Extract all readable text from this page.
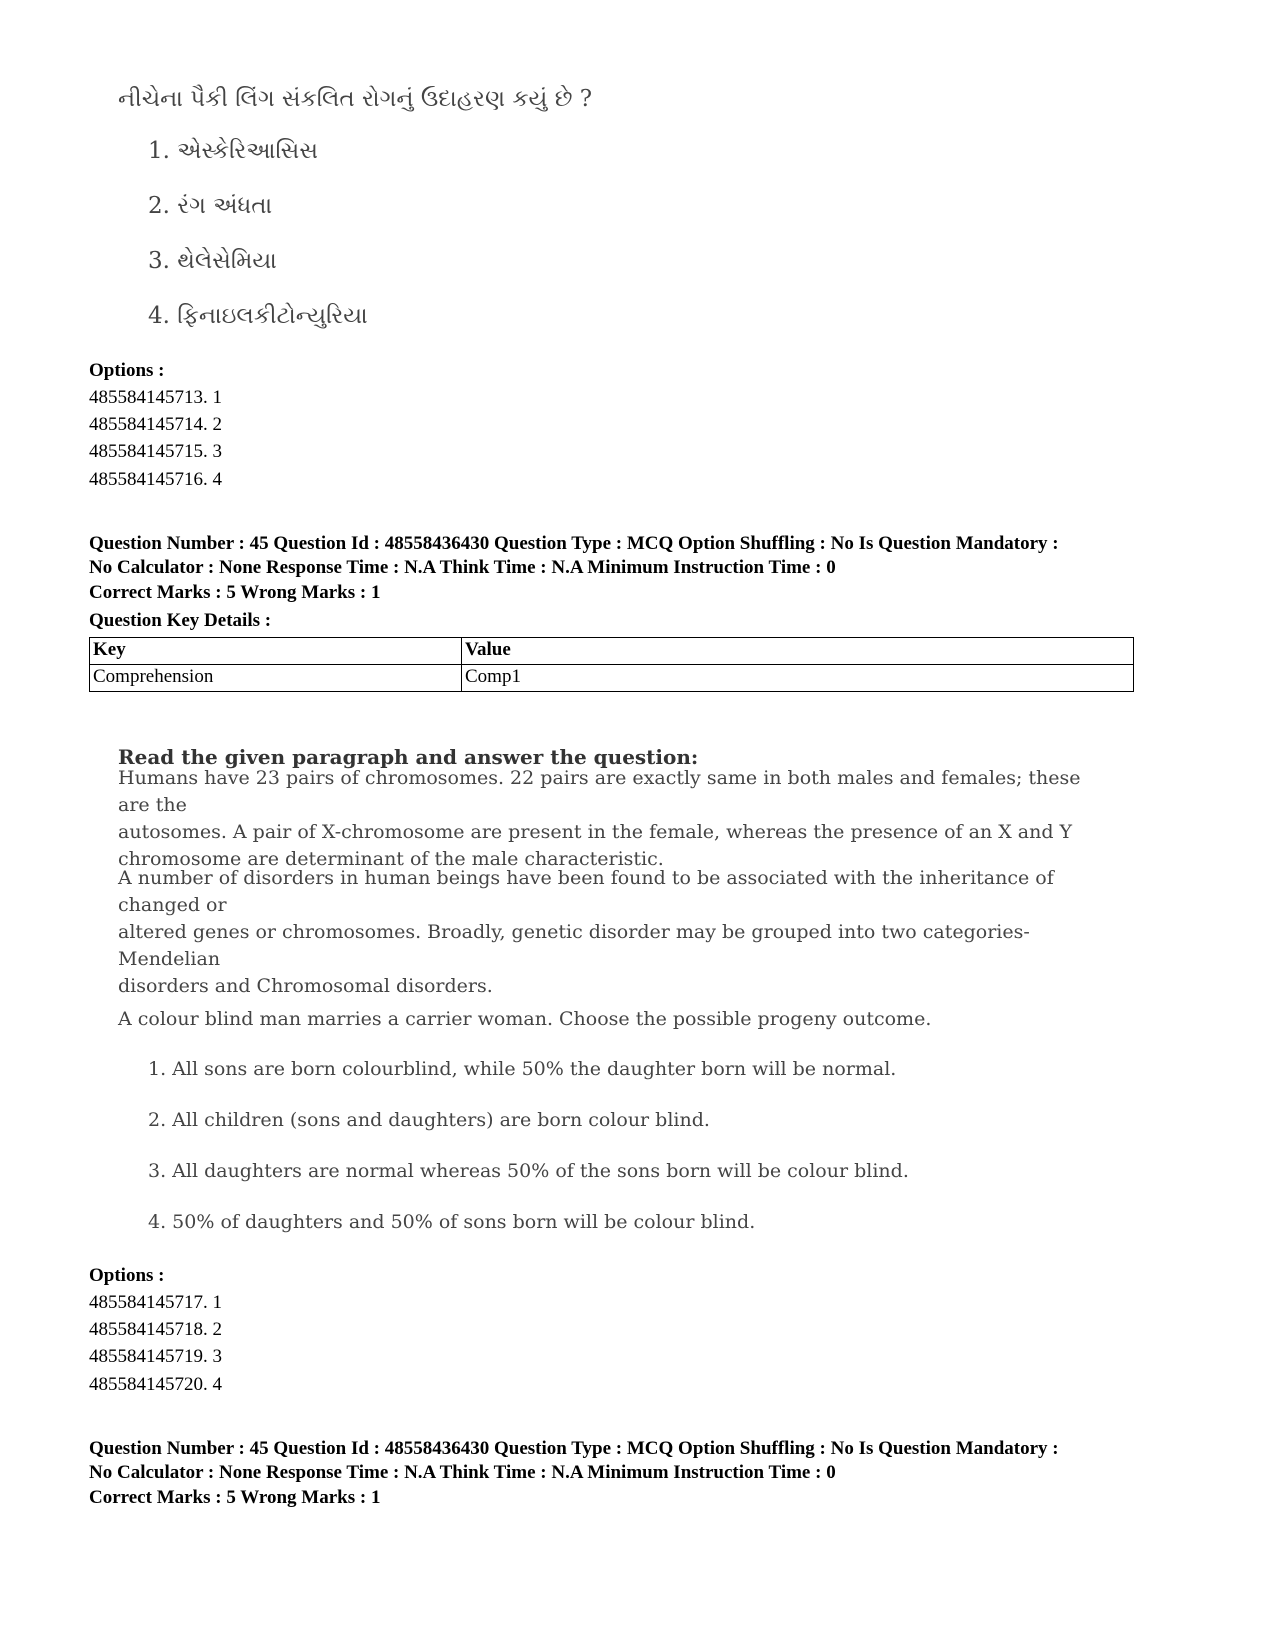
નીચેના પૈકી લિંગ સંકલિત રોગનું ઉદાહરણ કયું છે ?
1. એસ્કેરિઆસિસ
2. રંગ અંધતા
3. થેલેસેમિયા
4. ફિનાઇલકીટોન્યુરિયા
Options :
485584145713. 1
485584145714. 2
485584145715. 3
485584145716. 4
Question Number : 45 Question Id : 48558436430 Question Type : MCQ Option Shuffling : No Is Question Mandatory :
No Calculator : None Response Time : N.A Think Time : N.A Minimum Instruction Time : 0
Correct Marks : 5 Wrong Marks : 1
Question Key Details :
Key	Value
Comprehension	Comp1
Read the given paragraph and answer the question:
Humans have 23 pairs of chromosomes. 22 pairs are exactly same in both males and females; these are the
autosomes. A pair of X-chromosome are present in the female, whereas the presence of an X and Y
chromosome are determinant of the male characteristic.
A number of disorders in human beings have been found to be associated with the inheritance of changed or
altered genes or chromosomes. Broadly, genetic disorder may be grouped into two categories-Mendelian
disorders and Chromosomal disorders.
A colour blind man marries a carrier woman. Choose the possible progeny outcome.
1. All sons are born colourblind, while 50% the daughter born will be normal.
2. All children (sons and daughters) are born colour blind.
3. All daughters are normal whereas 50% of the sons born will be colour blind.
4. 50% of daughters and 50% of sons born will be colour blind.
Options :
485584145717. 1
485584145718. 2
485584145719. 3
485584145720. 4
Question Number : 45 Question Id : 48558436430 Question Type : MCQ Option Shuffling : No Is Question Mandatory :
No Calculator : None Response Time : N.A Think Time : N.A Minimum Instruction Time : 0
Correct Marks : 5 Wrong Marks : 1
